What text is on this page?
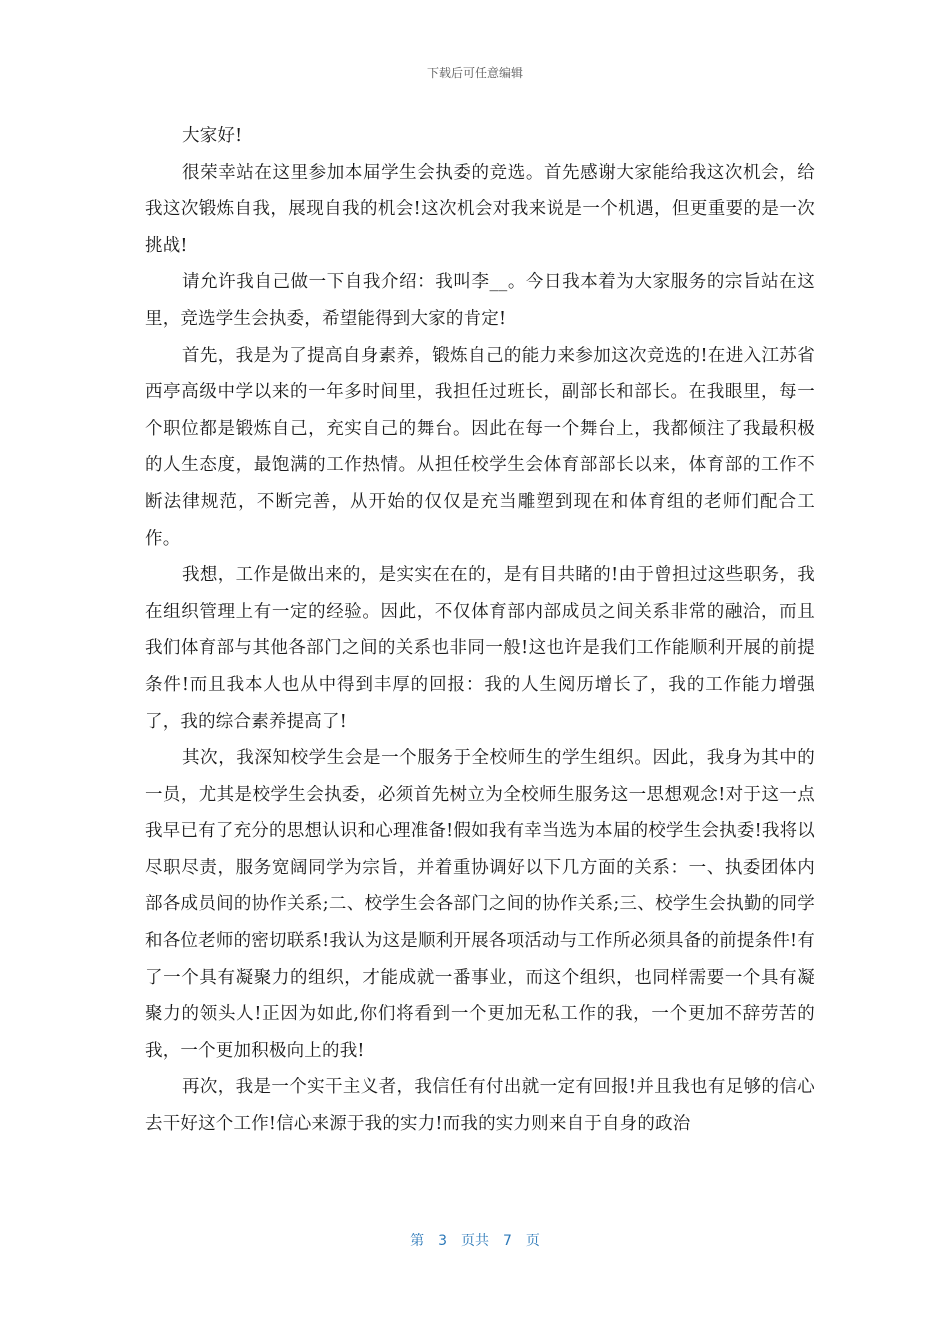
下载后可任意编辑

大家好!

很荣幸站在这里参加本届学生会执委的竞选。首先感谢大家能给我这次机会，给我这次锻炼自我，展现自我的机会!这次机会对我来说是一个机遇，但更重要的是一次挑战!

请允许我自己做一下自我介绍：我叫李__。今日我本着为大家服务的宗旨站在这里，竞选学生会执委，希望能得到大家的肯定!

首先，我是为了提高自身素养，锻炼自己的能力来参加这次竞选的!在进入江苏省西亭高级中学以来的一年多时间里，我担任过班长，副部长和部长。在我眼里，每一个职位都是锻炼自己，充实自己的舞台。因此在每一个舞台上，我都倾注了我最积极的人生态度，最饱满的工作热情。从担任校学生会体育部部长以来，体育部的工作不断法律规范，不断完善，从开始的仅仅是充当雕塑到现在和体育组的老师们配合工作。

我想，工作是做出来的，是实实在在的，是有目共睹的!由于曾担过这些职务，我在组织管理上有一定的经验。因此，不仅体育部内部成员之间关系非常的融洽，而且我们体育部与其他各部门之间的关系也非同一般!这也许是我们工作能顺利开展的前提条件!而且我本人也从中得到丰厚的回报：我的人生阅历增长了，我的工作能力增强了，我的综合素养提高了!

其次，我深知校学生会是一个服务于全校师生的学生组织。因此，我身为其中的一员，尤其是校学生会执委，必须首先树立为全校师生服务这一思想观念!对于这一点我早已有了充分的思想认识和心理准备!假如我有幸当选为本届的校学生会执委!我将以尽职尽责，服务宽阔同学为宗旨，并着重协调好以下几方面的关系：一、执委团体内部各成员间的协作关系;二、校学生会各部门之间的协作关系;三、校学生会执勤的同学和各位老师的密切联系!我认为这是顺利开展各项活动与工作所必须具备的前提条件!有了一个具有凝聚力的组织，才能成就一番事业，而这个组织，也同样需要一个具有凝聚力的领头人!正因为如此,你们将看到一个更加无私工作的我，一个更加不辞劳苦的我，一个更加积极向上的我!

再次，我是一个实干主义者，我信任有付出就一定有回报!并且我也有足够的信心去干好这个工作!信心来源于我的实力!而我的实力则来自于自身的政治

第 3 页共 7 页
